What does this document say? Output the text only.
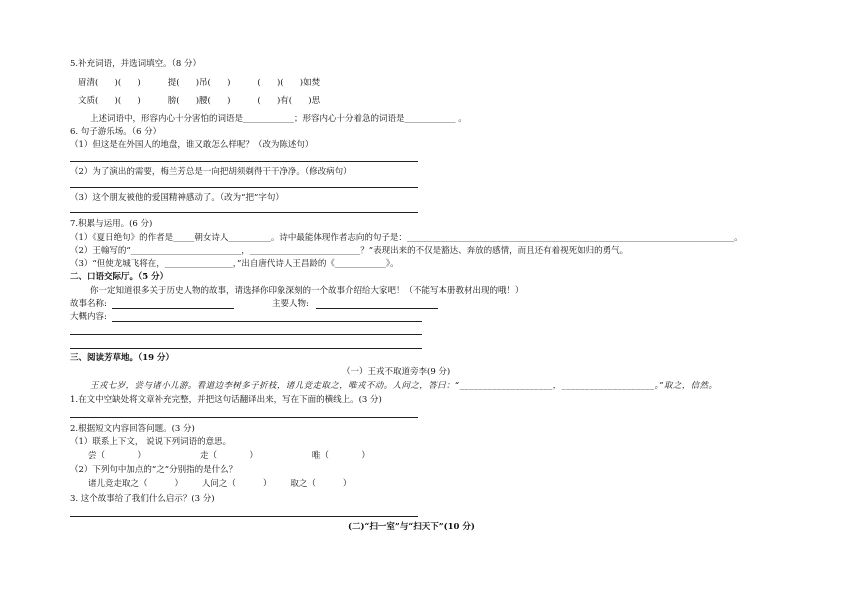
5.补充词语，并选词填空。（8 分）
眉清(      )(      )          提(      )吊(      )          (      )(      )如焚
文质(      )(      )          膀(      )腰(      )          (      )有(      )思
上述词语中，形容内心十分害怕的词语是____________；形容内心十分着急的词语是____________ 。
6. 句子游乐场。（6 分）
（1）但这是在外国人的地盘，谁又敢怎么样呢？（改为陈述句）
（2）为了演出的需要，梅兰芳总是一向把胡须剃得干干净净。（修改病句）
（3）这个朋友被他的爱国精神感动了。（改为“把”字句）
7.积累与运用。(6 分)
（1）《夏日绝句》的作者是_____朝女诗人__________。诗中最能体现作者志向的句子是：_____________________________________________________________________________。
（2）王翰写的“__________________________，__________________________？”表现出来的不仅是豁达、奔放的感情，而且还有着视死如归的勇气。
（3）“但使龙城飞将在，________________，”出自唐代诗人王昌龄的《____________》。
二、口语交际厅。（5 分）
你一定知道很多关于历史人物的故事，请选择你印象深刻的一个故事介绍给大家吧！（不能写本册教材出现的哦！）
故事名称:	主要人物:
大概内容:
三、阅读芳草地。（19 分）
（一）王戎不取道旁李(9 分)
王戎七岁，尝与诸小儿游。看道边李树多子折枝，诸儿竞走取之，唯戎不动。人问之，答曰：“____________________，____________________。”取之，信然。
1.在文中空缺处将文章补充完整，并把这句话翻译出来，写在下面的横线上。(3 分)
2.根据短文内容回答问题。(3 分)
（1）联系上下文， 说说下列词语的意思。
尝（            ）                    走（            ）                    唯（            ）
（2）下列句中加点的“之”分别指的是什么？
诸儿竞走取之（          ）       人问之（          ）       取之（          ）
3. 这个故事给了我们什么启示？(3 分)
(二)“扫一室”与“扫天下”(10 分)
